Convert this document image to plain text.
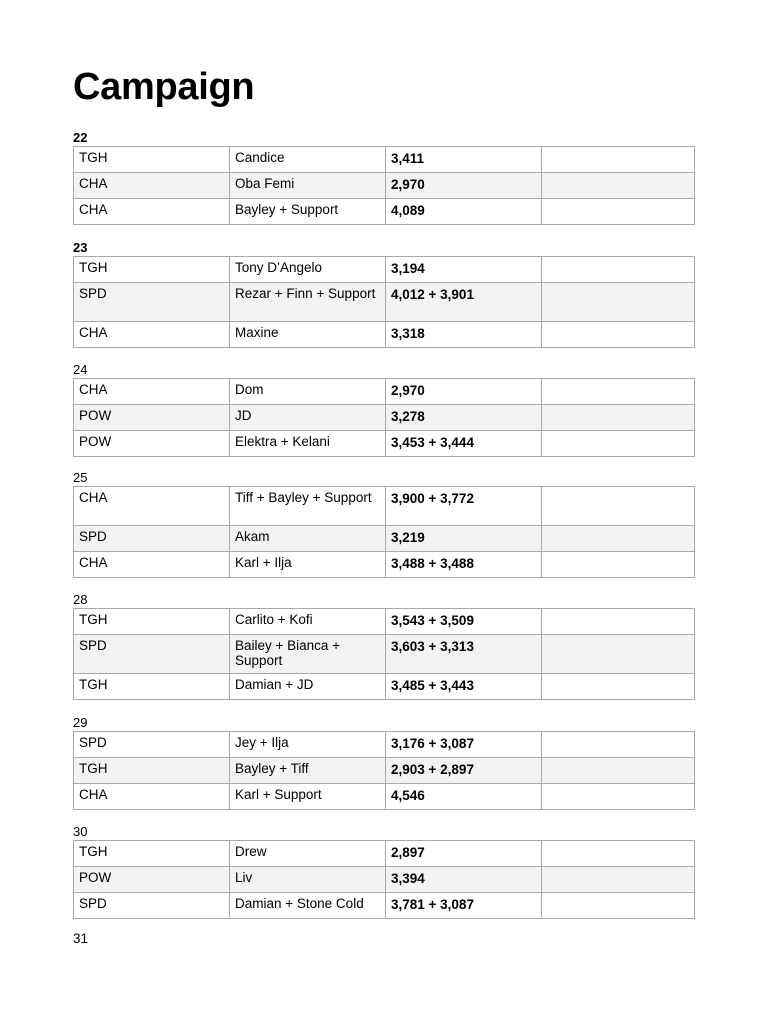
Campaign
22
TGH	Candice	3,411	
CHA	Oba Femi	2,970	
CHA	Bayley + Support	4,089	
23
TGH	Tony D’Angelo	3,194	
SPD	Rezar + Finn + Support	4,012 + 3,901	
CHA	Maxine	3,318	
24
CHA	Dom	2,970	
POW	JD	3,278	
POW	Elektra + Kelani	3,453 + 3,444	
25
CHA	Tiff + Bayley + Support	3,900 + 3,772	
SPD	Akam	3,219	
CHA	Karl + Ilja	3,488 + 3,488	
28
TGH	Carlito + Kofi	3,543 + 3,509	
SPD	Bailey + Bianca + Support	3,603 + 3,313	
TGH	Damian + JD	3,485 + 3,443	
29
SPD	Jey + Ilja	3,176 + 3,087	
TGH	Bayley + Tiff	2,903 + 2,897	
CHA	Karl + Support	4,546	
30
TGH	Drew	2,897	
POW	Liv	3,394	
SPD	Damian + Stone Cold	3,781 + 3,087	
31
